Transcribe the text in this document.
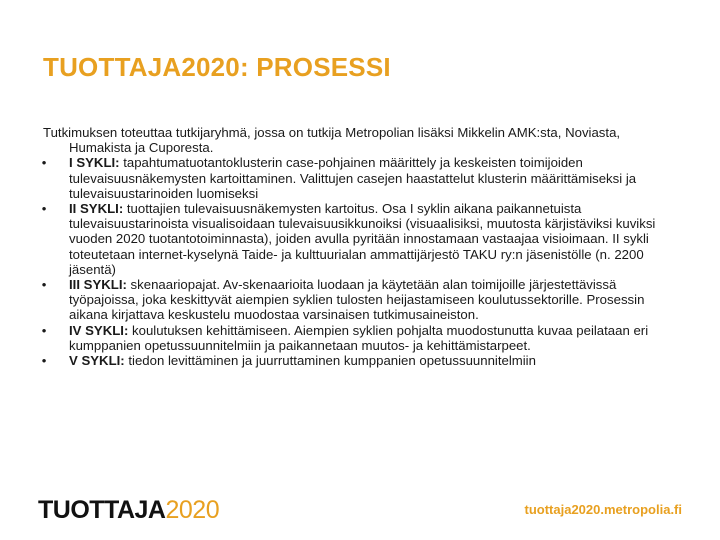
TUOTTAJA2020: PROSESSI

Tutkimuksen toteuttaa tutkijaryhmä, jossa on tutkija Metropolian lisäksi Mikkelin AMK:sta, Noviasta, Humakista ja Cuporesta.

• I SYKLI: tapahtumatuotantoklusterin case-pohjainen määrittely ja keskeisten toimijoiden tulevaisuusnäkemysten kartoittaminen. Valittujen casejen haastattelut klusterin määrittämiseksi ja tulevaisuustarinoiden luomiseksi
• II SYKLI: tuottajien tulevaisuusnäkemysten kartoitus. Osa I syklin aikana paikannetuista tulevaisuustarinoista visualisoidaan tulevaisuusikkunoiksi (visuaalisiksi, muutosta kärjistäviksi kuviksi vuoden 2020 tuotantotoiminnasta), joiden avulla pyritään innostamaan vastaajaa visioimaan. II sykli toteutetaan internet-kyselynä Taide- ja kulttuurialan ammattijärjestö TAKU ry:n jäsenistölle (n. 2200 jäsentä)
• III SYKLI: skenaariopajat. Av-skenaarioita luodaan ja käytetään alan toimijoille järjestettävissä työpajoissa, joka keskittyvät aiempien syklien tulosten heijastamiseen koulutussektorille. Prosessin aikana kirjattava keskustelu muodostaa varsinaisen tutkimusaineiston.
• IV SYKLI: koulutuksen kehittämiseen. Aiempien syklien pohjalta muodostunutta kuvaa peilataan eri kumppanien opetussuunnitelmiin ja paikannetaan muutos- ja kehittämistarpeet.
• V SYKLI: tiedon levittäminen ja juurruttaminen kumppanien opetussuunnitelmiin
TUOTTAJA2020	tuottaja2020.metropolia.fi
